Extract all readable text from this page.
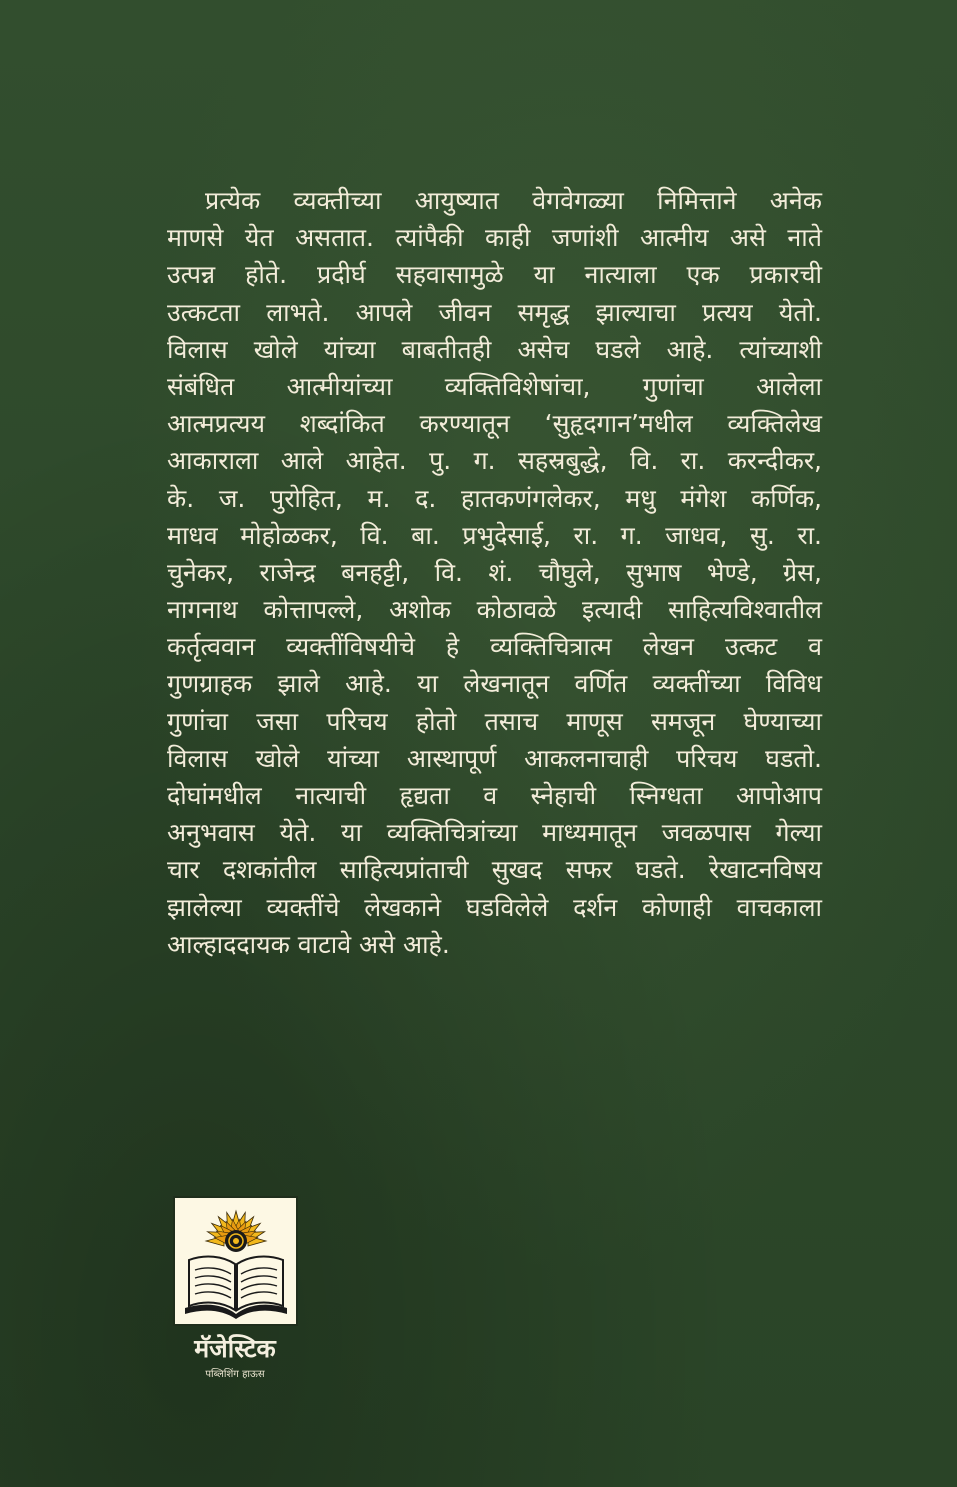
प्रत्येक व्यक्तीच्या आयुष्यात वेगवेगळ्या निमित्ताने अनेक
माणसे येत असतात. त्यांपैकी काही जणांशी आत्मीय असे नाते
उत्पन्न होते. प्रदीर्घ सहवासामुळे या नात्याला एक प्रकारची
उत्कटता लाभते. आपले जीवन समृद्ध झाल्याचा प्रत्यय येतो.
विलास खोले यांच्या बाबतीतही असेच घडले आहे. त्यांच्याशी
संबंधित आत्मीयांच्या व्यक्तिविशेषांचा, गुणांचा आलेला
आत्मप्रत्यय शब्दांकित करण्यातून ‘सुहृदगान’मधील व्यक्तिलेख
आकाराला आले आहेत. पु. ग. सहस्रबुद्धे, वि. रा. करन्दीकर,
के. ज. पुरोहित, म. द. हातकणंगलेकर, मधु मंगेश कर्णिक,
माधव मोहोळकर, वि. बा. प्रभुदेसाई, रा. ग. जाधव, सु. रा.
चुनेकर, राजेन्द्र बनहट्टी, वि. शं. चौघुले, सुभाष भेण्डे, ग्रेस,
नागनाथ कोत्तापल्ले, अशोक कोठावळे इत्यादी साहित्यविश्वातील
कर्तृत्ववान व्यक्तींविषयीचे हे व्यक्तिचित्रात्म लेखन उत्कट व
गुणग्राहक झाले आहे. या लेखनातून वर्णित व्यक्तींच्या विविध
गुणांचा जसा परिचय होतो तसाच माणूस समजून घेण्याच्या
विलास खोले यांच्या आस्थापूर्ण आकलनाचाही परिचय घडतो.
दोघांमधील नात्याची हृद्यता व स्नेहाची स्निग्धता आपोआप
अनुभवास येते. या व्यक्तिचित्रांच्या माध्यमातून जवळपास गेल्या
चार दशकांतील साहित्यप्रांताची सुखद सफर घडते. रेखाटनविषय
झालेल्या व्यक्तींचे लेखकाने घडविलेले दर्शन कोणाही वाचकाला
आल्हाददायक वाटावे असे आहे.
मॅजेस्टिक
पब्लिशिंग हाऊस
